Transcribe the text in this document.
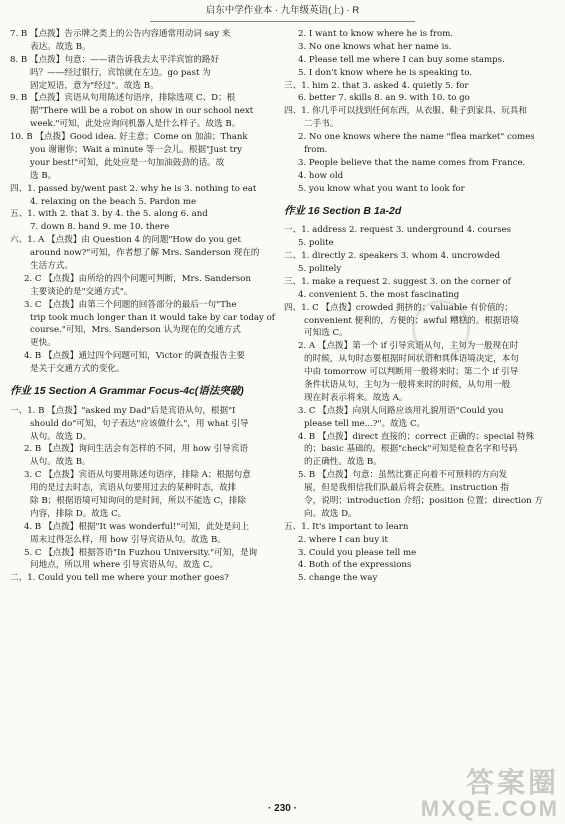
启东中学作业本 · 九年级英语(上) · R
7. B 【点拨】告示牌之类上的公告内容通常用动词 say 来
表达。故选 B。
8. B 【点拨】句意：——请告诉我去太平洋宾馆的路好
吗？——经过银行，宾馆就在左边。go past 为
固定短语，意为"经过"。故选 B。
9. B 【点拨】宾语从句用陈述句语序，排除选项 C、D；根
据"There will be a robot on show in our school next
week."可知，此处应询问机器人是什么样子。故选 B。
10. B 【点拨】Good idea. 好主意；Come on 加油；Thank
you 谢谢你；Wait a minute 等一会儿。根据"Just try
your best!"可知，此处应是一句加油鼓劲的话。故
选 B。
四、1. passed by/went past 2. why he is 3. nothing to eat
4. relaxing on the beach 5. Pardon me
五、1. with 2. that 3. by 4. the 5. along 6. and
7. down 8. hand 9. me 10. there
六、1. A 【点拨】由 Question 4 的问题"How do you get
around now?"可知，作者想了解 Mrs. Sanderson 现在的
生活方式。
2. C 【点拨】由所给的四个问题可判断，Mrs. Sanderson
主要谈论的是"交通方式"。
3. C 【点拨】由第三个问题的回答部分的最后一句"The
trip took much longer than it would take by car today of
course."可知，Mrs. Sanderson 认为现在的交通方式
更快。
4. B 【点拨】通过四个问题可知，Victor 的调查报告主要
是关于交通方式的变化。
作业 15 Section A Grammar Focus-4c(语法突破)
一、1. B 【点拨】"asked my Dad"后是宾语从句，根据"I
should do"可知，句子表达"应该做什么"，用 what 引导
从句。故选 D。
2. B 【点拨】询问生活会有怎样的不同，用 how 引导宾语
从句。故选 B。
3. C 【点拨】宾语从句要用陈述句语序，排除 A；根据句意
用的是过去时态，宾语从句要用过去的某种时态，故排
除 B；根据语境可知询问的是时间，所以不能选 C，排除
内容，排除 D。故选 C。
4. B 【点拨】根据"It was wonderful!"可知，此处是问上
周末过得怎么样，用 how 引导宾语从句。故选 B。
5. C 【点拨】根据答语"In Fuzhou University."可知，是询
问地点，所以用 where 引导宾语从句。故选 C。
二、1. Could you tell me where your mother goes?
2. I want to know where he is from.
3. No one knows what her name is.
4. Please tell me where I can buy some stamps.
5. I don't know where he is speaking to.
三、1. him 2. that 3. asked 4. quietly 5. for
6. better 7. skills 8. an 9. with 10. to go
四、1. 你几乎可以找到任何东西，从衣服、鞋子到家具、玩具和
二手书。
2. No one knows where the name "flea market" comes
from.
3. People believe that the name comes from France.
4. how old
5. you know what you want to look for
作业 16 Section B 1a-2d
一、1. address 2. request 3. underground 4. courses
5. polite
二、1. directly 2. speakers 3. whom 4. uncrowded
5. politely
三、1. make a request 2. suggest 3. on the corner of
4. convenient 5. the most fascinating
四、1. C 【点拨】crowded 拥挤的；valuable 有价值的；
convenient 便利的，方便的；awful 糟糕的。根据语境
可知选 C。
2. A 【点拨】第一个 if 引导宾语从句，主句为一般现在时
的时候，从句时态要根据时间状语和具体语境决定，本句
中由 tomorrow 可以判断用一般将来时；第二个 if 引导
条件状语从句，主句为一般将来时的时候，从句用一般
现在时表示将来。故选 A。
3. C 【点拨】向别人问路应该用礼貌用语"Could you
please tell me...?"。故选 C。
4. B 【点拨】direct 直接的；correct 正确的；special 特殊
的；basic 基础的。根据"check"可知是检查名字和号码
的正确性。故选 B。
5. B 【点拨】句意：虽然比赛正向着不可预料的方向发
展，但是我相信我们队最后将会获胜。instruction 指
令，说明；introduction 介绍；position 位置；direction 方
向。故选 D。
五、1. It's important to learn
2. where I can buy it
3. Could you please tell me
4. Both of the expressions
5. change the way
· 230 ·
答案圈
MXQE.COM
